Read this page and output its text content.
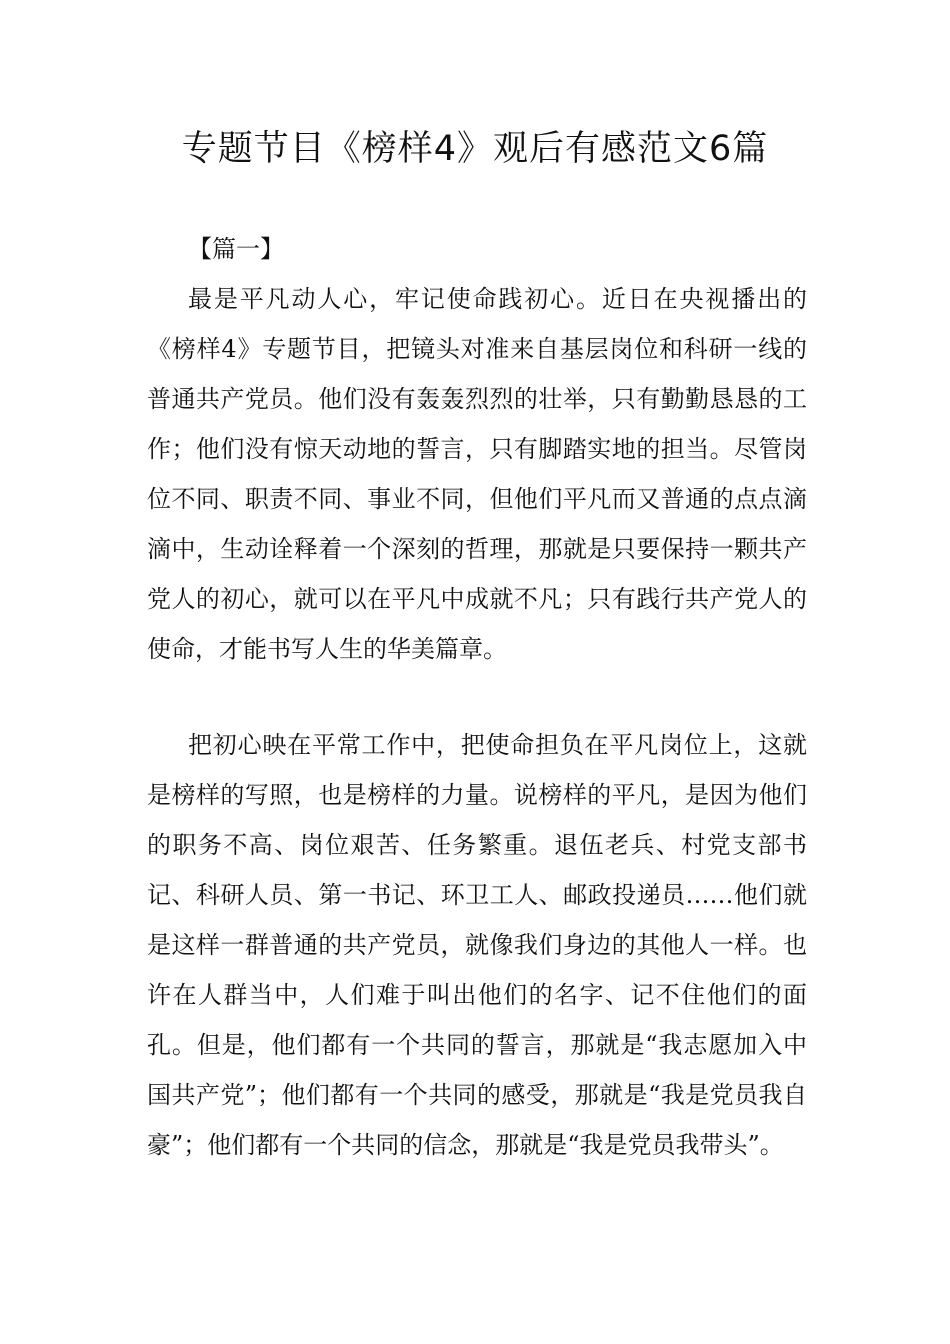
专题节目《榜样4》观后有感范文6篇

【篇一】

最是平凡动人心，牢记使命践初心。近日在央视播出的《榜样4》专题节目，把镜头对准来自基层岗位和科研一线的普通共产党员。他们没有轰轰烈烈的壮举，只有勤勤恳恳的工作；他们没有惊天动地的誓言，只有脚踏实地的担当。尽管岗位不同、职责不同、事业不同，但他们平凡而又普通的点点滴滴中，生动诠释着一个深刻的哲理，那就是只要保持一颗共产党人的初心，就可以在平凡中成就不凡；只有践行共产党人的使命，才能书写人生的华美篇章。

把初心映在平常工作中，把使命担负在平凡岗位上，这就是榜样的写照，也是榜样的力量。说榜样的平凡，是因为他们的职务不高、岗位艰苦、任务繁重。退伍老兵、村党支部书记、科研人员、第一书记、环卫工人、邮政投递员……他们就是这样一群普通的共产党员，就像我们身边的其他人一样。也许在人群当中，人们难于叫出他们的名字、记不住他们的面孔。但是，他们都有一个共同的誓言，那就是“我志愿加入中国共产党”；他们都有一个共同的感受，那就是“我是党员我自豪”；他们都有一个共同的信念，那就是“我是党员我带头”。
